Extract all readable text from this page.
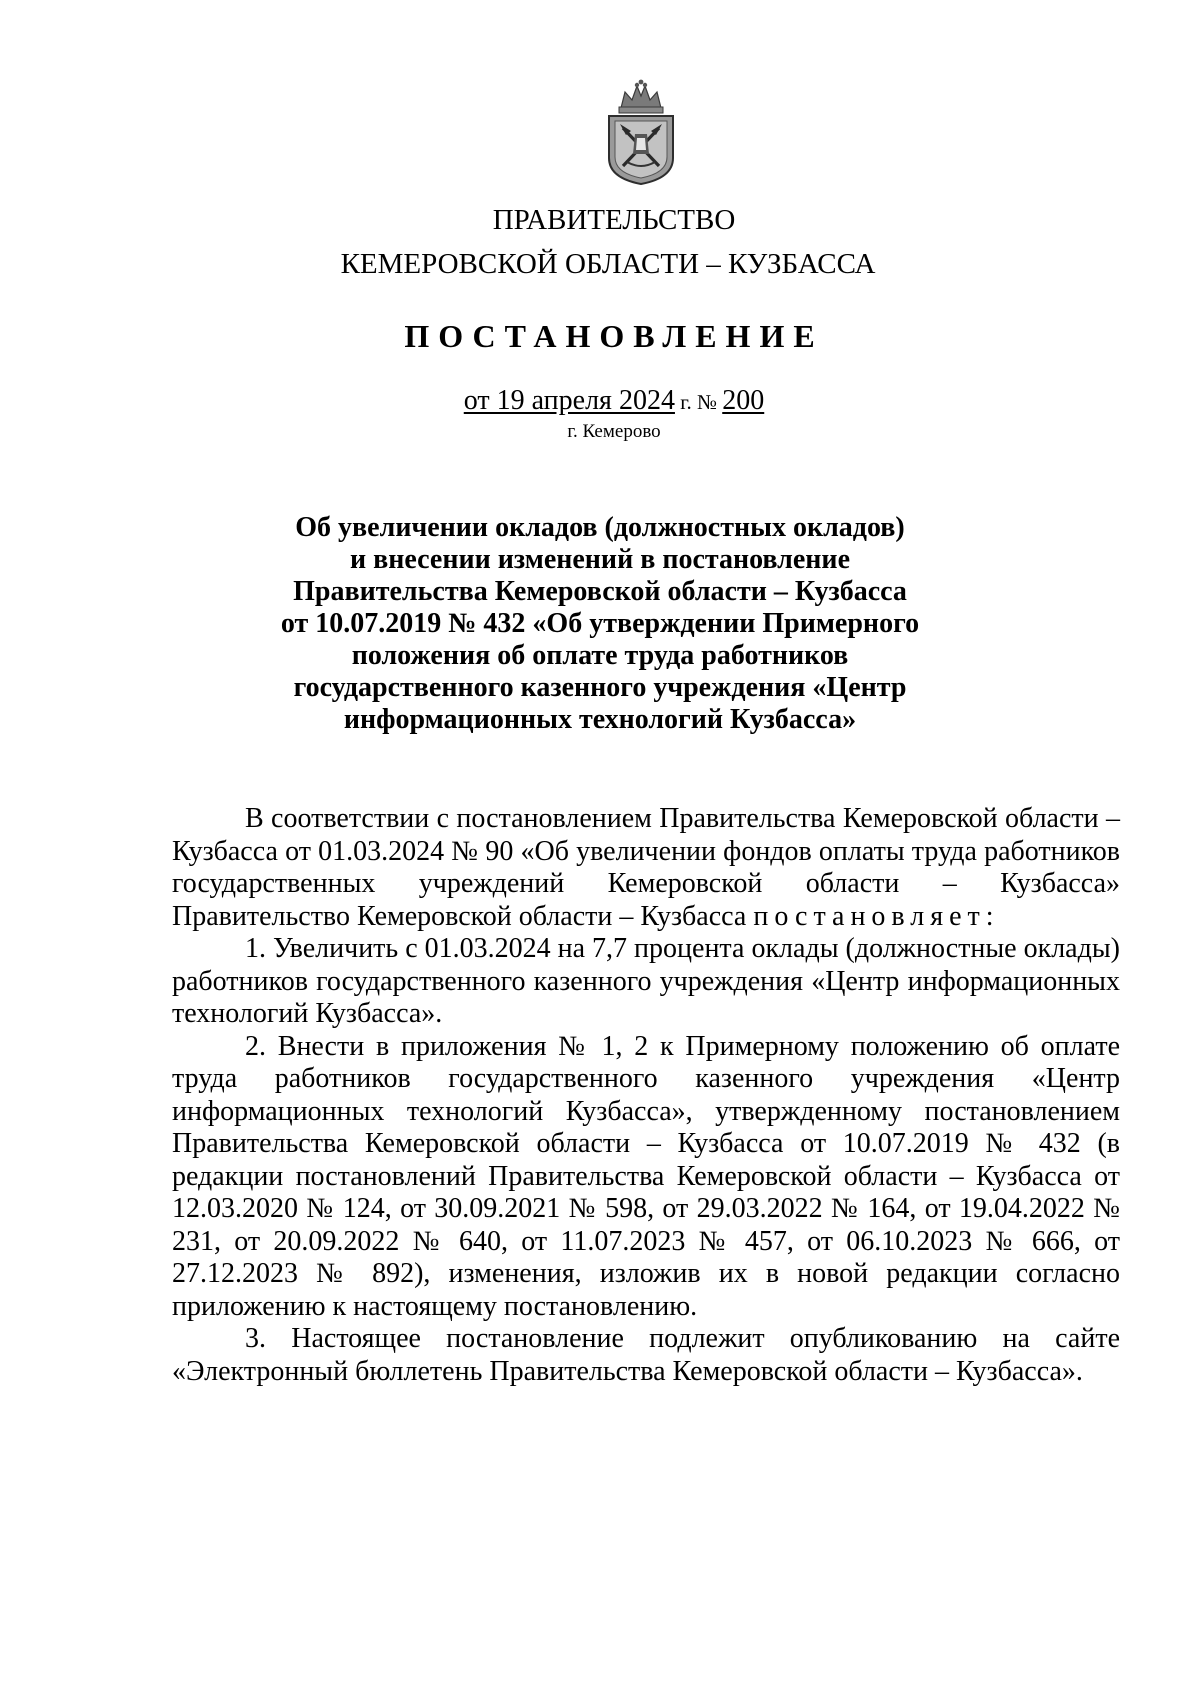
ПРАВИТЕЛЬСТВО
КЕМЕРОВСКОЙ ОБЛАСТИ – КУЗБАССА
ПОСТАНОВЛЕНИЕ
от 19 апреля 2024 г. № 200
г. Кемерово
Об увеличении окладов (должностных окладов)
и внесении изменений в постановление
Правительства Кемеровской области – Кузбасса
от 10.07.2019 № 432 «Об утверждении Примерного
положения об оплате труда работников
государственного казенного учреждения «Центр
информационных технологий Кузбасса»

В соответствии с постановлением Правительства Кемеровской области – Кузбасса от 01.03.2024 № 90 «Об увеличении фондов оплаты труда работников государственных учреждений Кемеровской области – Кузбасса» Правительство Кемеровской области – Кузбасса постановляет:

1. Увеличить с 01.03.2024 на 7,7 процента оклады (должностные оклады) работников государственного казенного учреждения «Центр информационных технологий Кузбасса».

2. Внести в приложения № 1, 2 к Примерному положению об оплате труда работников государственного казенного учреждения «Центр информационных технологий Кузбасса», утвержденному постановлением Правительства Кемеровской области – Кузбасса от 10.07.2019 № 432 (в редакции постановлений Правительства Кемеровской области – Кузбасса от 12.03.2020 № 124, от 30.09.2021 № 598, от 29.03.2022 № 164, от 19.04.2022 № 231, от 20.09.2022 № 640, от 11.07.2023 № 457, от 06.10.2023 № 666, от 27.12.2023 № 892), изменения, изложив их в новой редакции согласно приложению к настоящему постановлению.

3. Настоящее постановление подлежит опубликованию на сайте «Электронный бюллетень Правительства Кемеровской области – Кузбасса».
